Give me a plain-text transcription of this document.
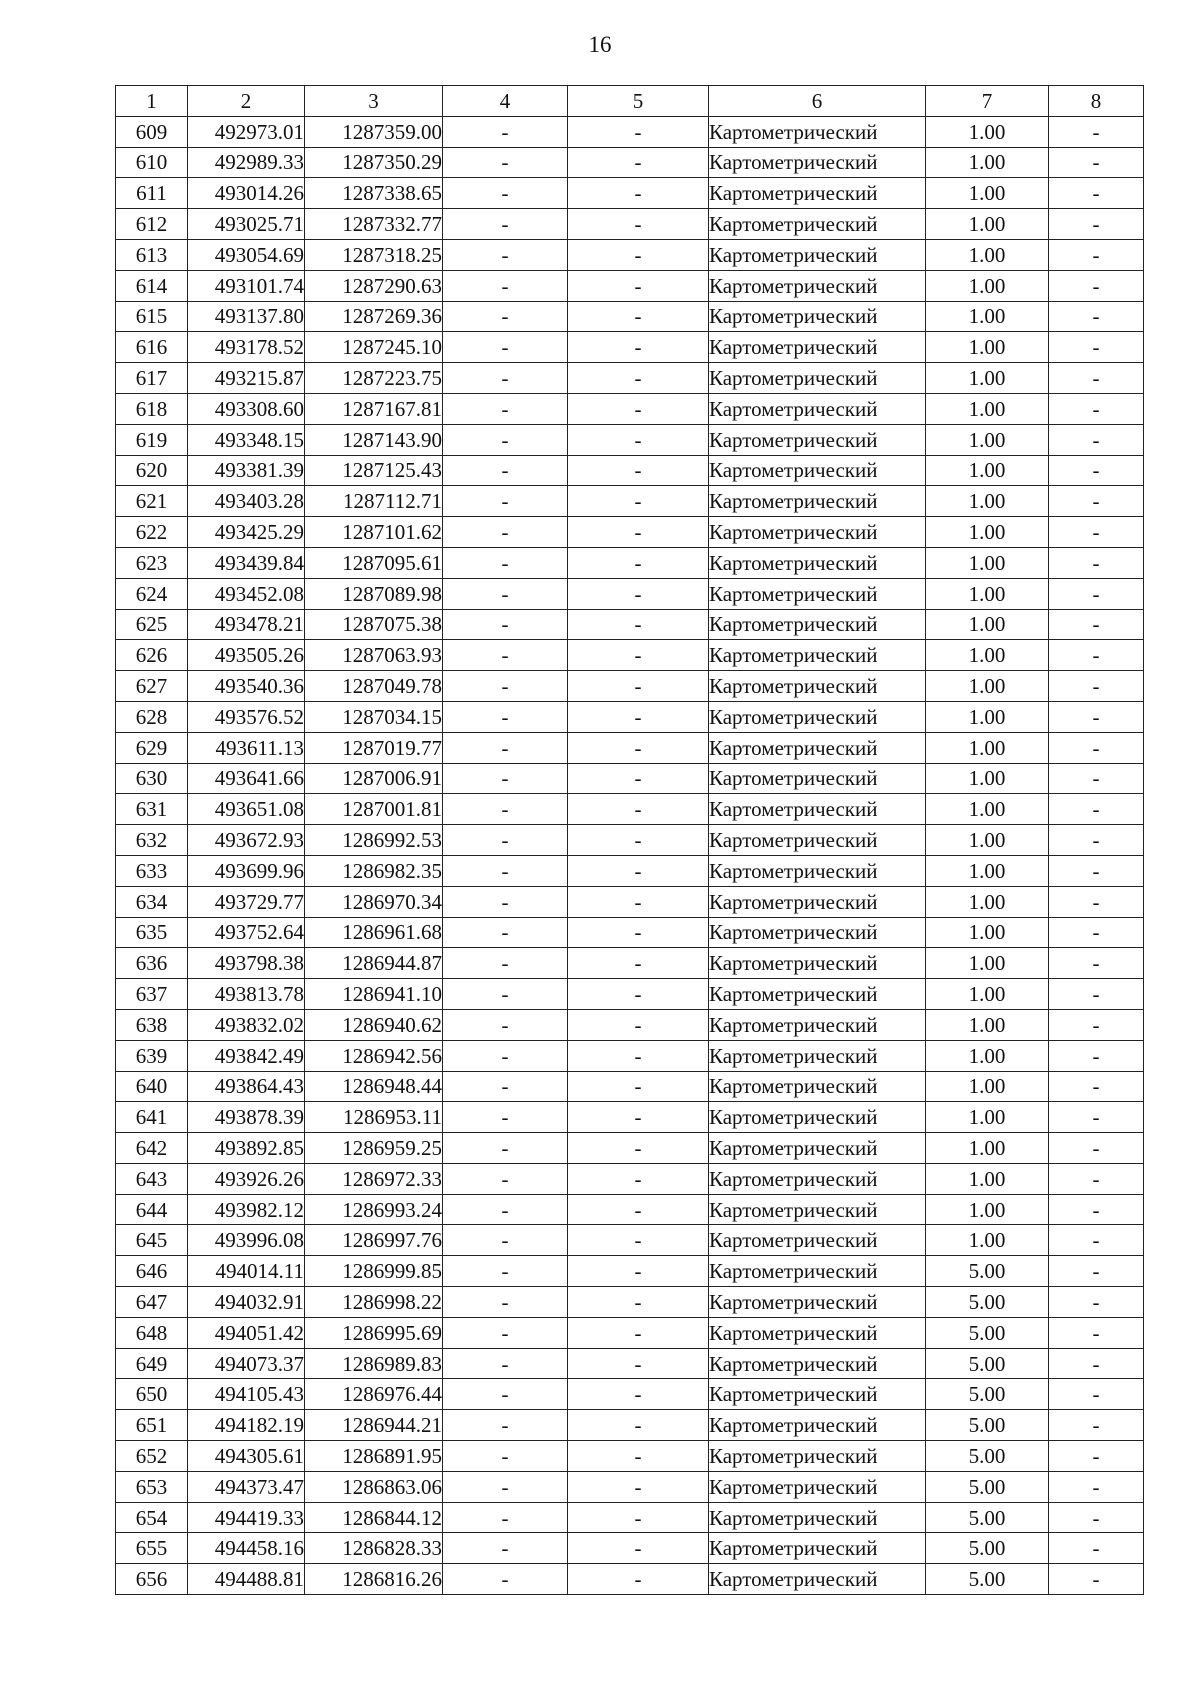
16
1	2	3	4	5	6	7	8
609	492973.01	1287359.00	-	-	Картометрический	1.00	-
610	492989.33	1287350.29	-	-	Картометрический	1.00	-
611	493014.26	1287338.65	-	-	Картометрический	1.00	-
612	493025.71	1287332.77	-	-	Картометрический	1.00	-
613	493054.69	1287318.25	-	-	Картометрический	1.00	-
614	493101.74	1287290.63	-	-	Картометрический	1.00	-
615	493137.80	1287269.36	-	-	Картометрический	1.00	-
616	493178.52	1287245.10	-	-	Картометрический	1.00	-
617	493215.87	1287223.75	-	-	Картометрический	1.00	-
618	493308.60	1287167.81	-	-	Картометрический	1.00	-
619	493348.15	1287143.90	-	-	Картометрический	1.00	-
620	493381.39	1287125.43	-	-	Картометрический	1.00	-
621	493403.28	1287112.71	-	-	Картометрический	1.00	-
622	493425.29	1287101.62	-	-	Картометрический	1.00	-
623	493439.84	1287095.61	-	-	Картометрический	1.00	-
624	493452.08	1287089.98	-	-	Картометрический	1.00	-
625	493478.21	1287075.38	-	-	Картометрический	1.00	-
626	493505.26	1287063.93	-	-	Картометрический	1.00	-
627	493540.36	1287049.78	-	-	Картометрический	1.00	-
628	493576.52	1287034.15	-	-	Картометрический	1.00	-
629	493611.13	1287019.77	-	-	Картометрический	1.00	-
630	493641.66	1287006.91	-	-	Картометрический	1.00	-
631	493651.08	1287001.81	-	-	Картометрический	1.00	-
632	493672.93	1286992.53	-	-	Картометрический	1.00	-
633	493699.96	1286982.35	-	-	Картометрический	1.00	-
634	493729.77	1286970.34	-	-	Картометрический	1.00	-
635	493752.64	1286961.68	-	-	Картометрический	1.00	-
636	493798.38	1286944.87	-	-	Картометрический	1.00	-
637	493813.78	1286941.10	-	-	Картометрический	1.00	-
638	493832.02	1286940.62	-	-	Картометрический	1.00	-
639	493842.49	1286942.56	-	-	Картометрический	1.00	-
640	493864.43	1286948.44	-	-	Картометрический	1.00	-
641	493878.39	1286953.11	-	-	Картометрический	1.00	-
642	493892.85	1286959.25	-	-	Картометрический	1.00	-
643	493926.26	1286972.33	-	-	Картометрический	1.00	-
644	493982.12	1286993.24	-	-	Картометрический	1.00	-
645	493996.08	1286997.76	-	-	Картометрический	1.00	-
646	494014.11	1286999.85	-	-	Картометрический	5.00	-
647	494032.91	1286998.22	-	-	Картометрический	5.00	-
648	494051.42	1286995.69	-	-	Картометрический	5.00	-
649	494073.37	1286989.83	-	-	Картометрический	5.00	-
650	494105.43	1286976.44	-	-	Картометрический	5.00	-
651	494182.19	1286944.21	-	-	Картометрический	5.00	-
652	494305.61	1286891.95	-	-	Картометрический	5.00	-
653	494373.47	1286863.06	-	-	Картометрический	5.00	-
654	494419.33	1286844.12	-	-	Картометрический	5.00	-
655	494458.16	1286828.33	-	-	Картометрический	5.00	-
656	494488.81	1286816.26	-	-	Картометрический	5.00	-
